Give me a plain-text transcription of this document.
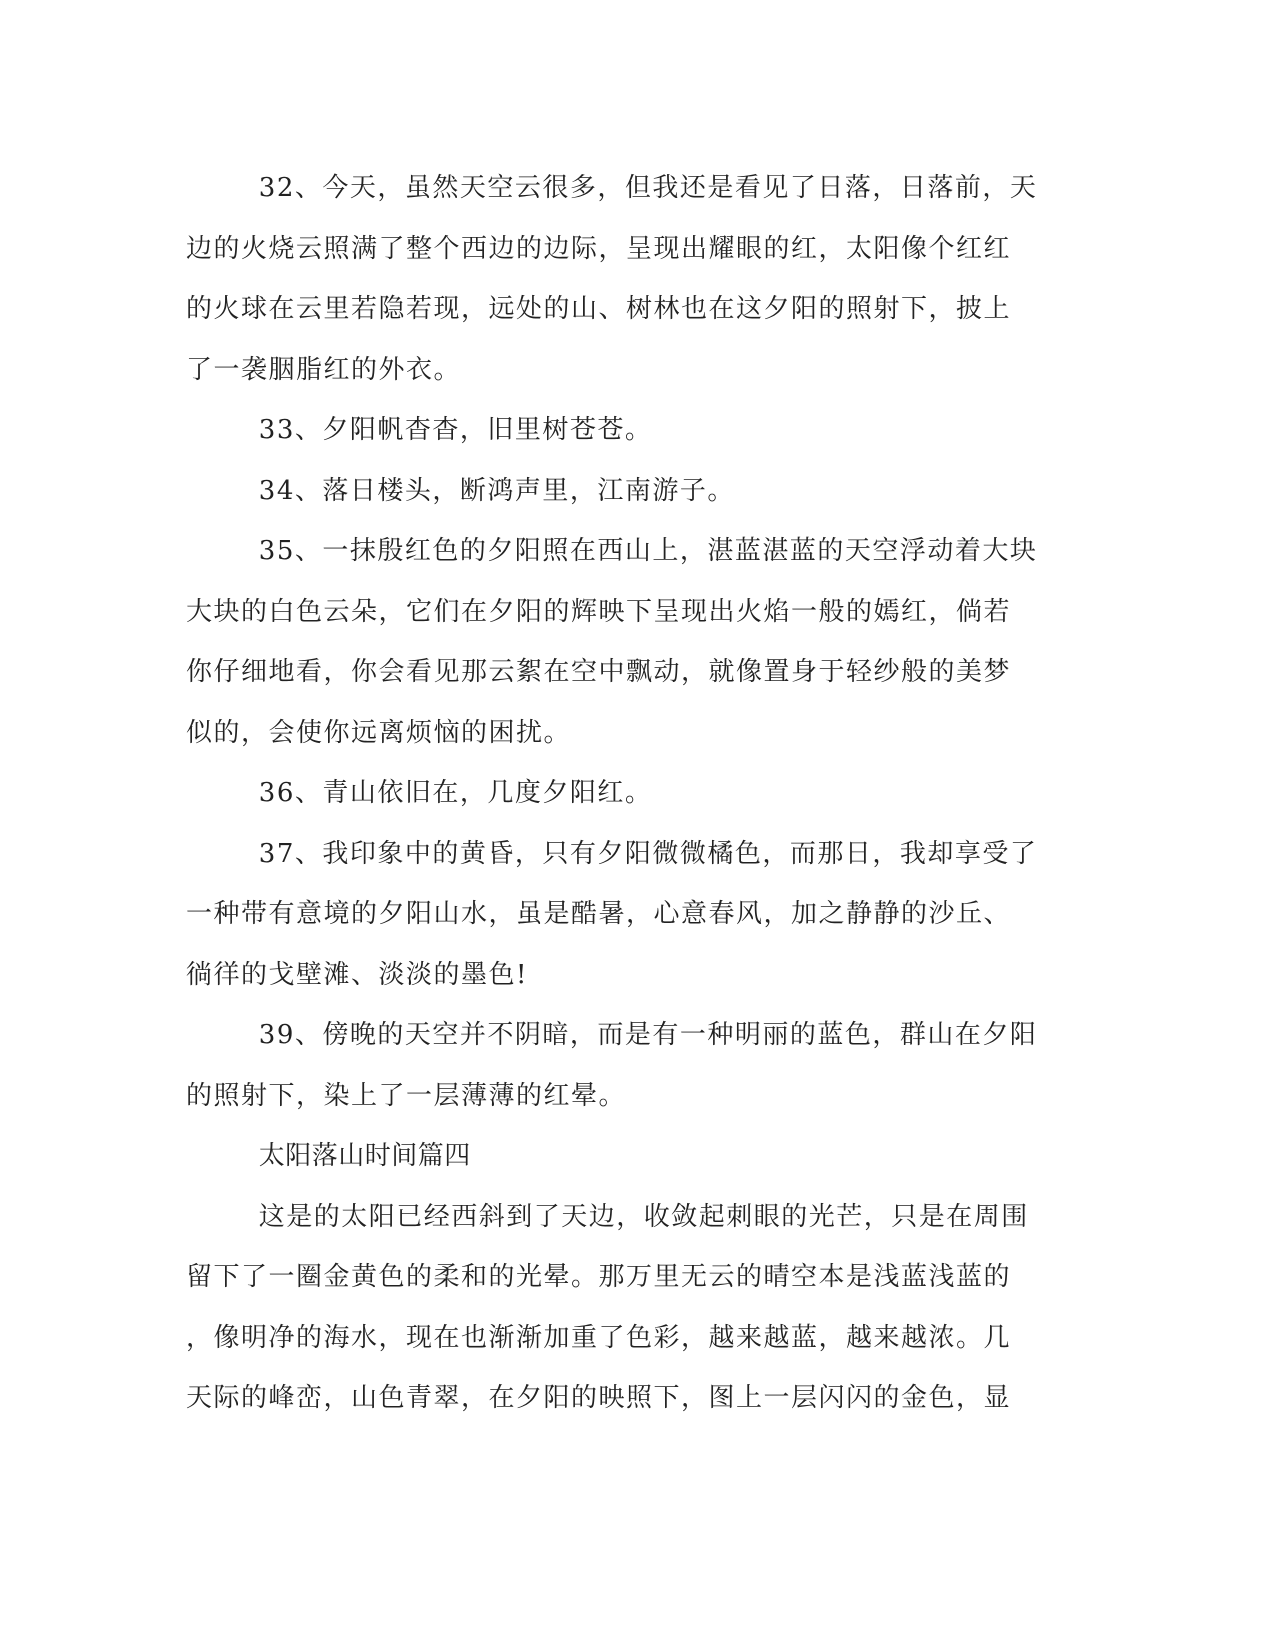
32、今天，虽然天空云很多，但我还是看见了日落，日落前，天
边的火烧云照满了整个西边的边际，呈现出耀眼的红，太阳像个红红
的火球在云里若隐若现，远处的山、树林也在这夕阳的照射下，披上
了一袭胭脂红的外衣。

33、夕阳帆杳杳，旧里树苍苍。

34、落日楼头，断鸿声里，江南游子。

35、一抹殷红色的夕阳照在西山上，湛蓝湛蓝的天空浮动着大块
大块的白色云朵，它们在夕阳的辉映下呈现出火焰一般的嫣红，倘若
你仔细地看，你会看见那云絮在空中飘动，就像置身于轻纱般的美梦
似的，会使你远离烦恼的困扰。

36、青山依旧在，几度夕阳红。

37、我印象中的黄昏，只有夕阳微微橘色，而那日，我却享受了
一种带有意境的夕阳山水，虽是酷暑，心意春风，加之静静的沙丘、
徜徉的戈壁滩、淡淡的墨色!

39、傍晚的天空并不阴暗，而是有一种明丽的蓝色，群山在夕阳
的照射下，染上了一层薄薄的红晕。

太阳落山时间篇四

这是的太阳已经西斜到了天边，收敛起刺眼的光芒，只是在周围
留下了一圈金黄色的柔和的光晕。那万里无云的晴空本是浅蓝浅蓝的
，像明净的海水，现在也渐渐加重了色彩，越来越蓝，越来越浓。几
天际的峰峦，山色青翠，在夕阳的映照下，图上一层闪闪的金色，显
